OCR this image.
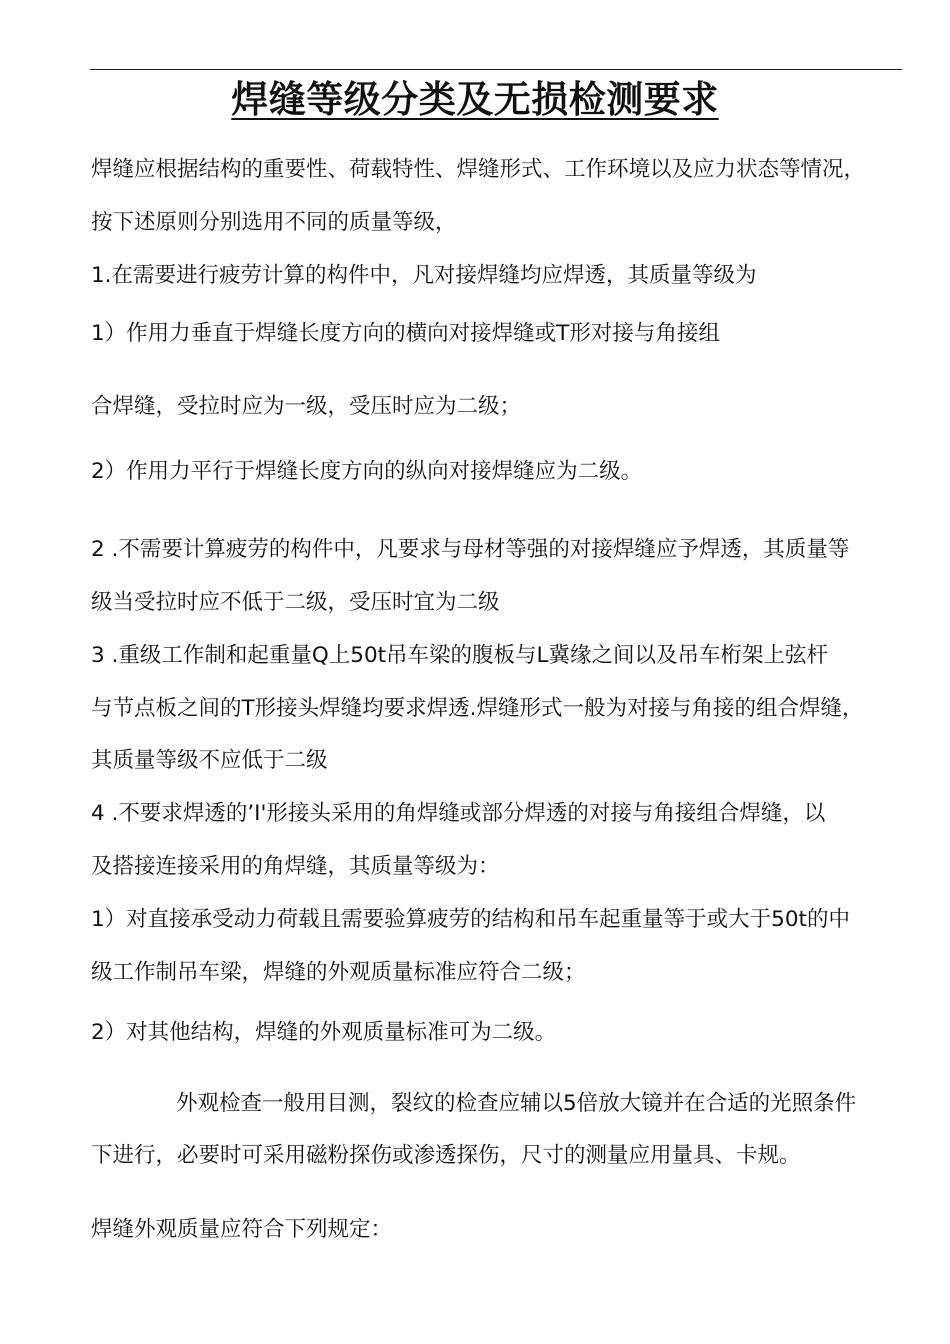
焊缝等级分类及无损检测要求

焊缝应根据结构的重要性、荷载特性、焊缝形式、工作环境以及应力状态等情况，

按下述原则分别选用不同的质量等级，

1.在需要进行疲劳计算的构件中，凡对接焊缝均应焊透，其质量等级为

1）作用力垂直于焊缝长度方向的横向对接焊缝或T形对接与角接组

合焊缝，受拉时应为一级，受压时应为二级；

2）作用力平行于焊缝长度方向的纵向对接焊缝应为二级。

2 .不需要计算疲劳的构件中，凡要求与母材等强的对接焊缝应予焊透，其质量等

级当受拉时应不低于二级，受压时宜为二级

3 .重级工作制和起重量Q上50t吊车梁的腹板与L冀缘之间以及吊车桁架上弦杆

与节点板之间的T形接头焊缝均要求焊透.焊缝形式一般为对接与角接的组合焊缝，

其质量等级不应低于二级

4 .不要求焊透的’I'形接头采用的角焊缝或部分焊透的对接与角接组合焊缝，以

及搭接连接采用的角焊缝，其质量等级为：

1）对直接承受动力荷载且需要验算疲劳的结构和吊车起重量等于或大于50t的中

级工作制吊车梁，焊缝的外观质量标准应符合二级；

2）对其他结构，焊缝的外观质量标准可为二级。

外观检查一般用目测，裂纹的检查应辅以5倍放大镜并在合适的光照条件

下进行，必要时可采用磁粉探伤或渗透探伤，尺寸的测量应用量具、卡规。

焊缝外观质量应符合下列规定：
